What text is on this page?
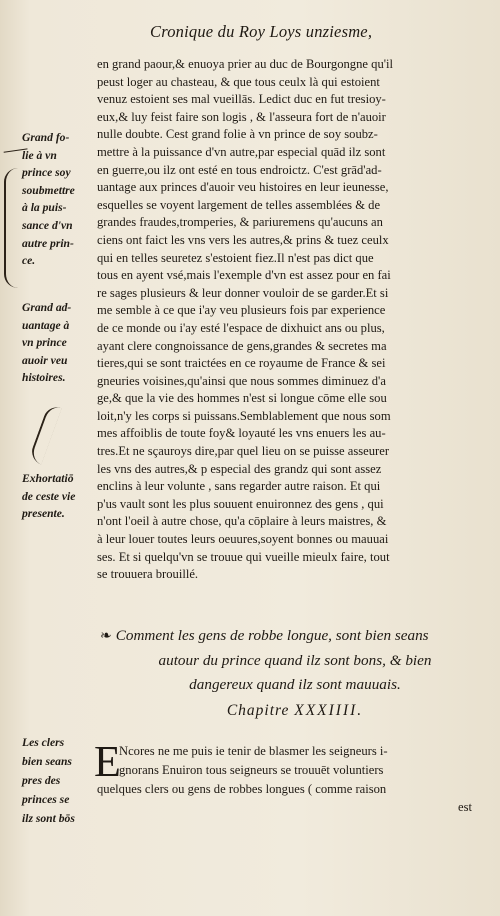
Cronique du Roy Loys unziesme,
Grand fo-
lie à vn
prince soy
soubmettre
à la puis-
sance d'vn
autre prin-
ce.
Grand ad-
uantage à
vn prince
auoir veu
histoires.
Exhortatiō
de ceste vie
presente.
Les clers
bien seans
pres des
princes se
ilz sont bōs
en grand paour,& enuoya prier au duc de Bourgongne qu'il
peust loger au chasteau, & que tous ceulx là qui estoient
venuz estoient ses mal vueillās. Ledict duc en fut tresioy-
eux,& luy feist faire son logis , & l'asseura fort de n'auoir
nulle doubte. Cest grand folie à vn prince de soy soubz-
mettre à la puissance d'vn autre,par especial quād ilz sont
en guerre,ou ilz ont esté en tous endroictz. C'est grād'ad-
uantage aux princes d'auoir veu histoires en leur ieunesse,
esquelles se voyent largement de telles assemblées & de
grandes fraudes,tromperies, & pariuremens qu'aucuns an
ciens ont faict les vns vers les autres,& prins & tuez ceulx
qui en telles seuretez s'estoient fiez.Il n'est pas dict que
tous en ayent vsé,mais l'exemple d'vn est assez pour en fai
re sages plusieurs & leur donner vouloir de se garder.Et si
me semble à ce que i'ay veu plusieurs fois par experience
de ce monde ou i'ay esté l'espace de dixhuict ans ou plus,
ayant clere congnoissance de gens,grandes & secretes ma
tieres,qui se sont traictées en ce royaume de France & sei
gneuries voisines,qu'ainsi que nous sommes diminuez d'a
ge,& que la vie des hommes n'est si longue cōme elle sou
loit,n'y les corps si puissans.Semblablement que nous som
mes affoiblis de toute foy& loyauté les vns enuers les au-
tres.Et ne sçauroys dire,par quel lieu on se puisse asseurer
les vns des autres,& p especial des grandz qui sont assez
enclins à leur volunte , sans regarder autre raison. Et qui
p'us vault sont les plus souuent enuironnez des gens , qui
n'ont l'oeil à autre chose, qu'a cōplaire à leurs maistres, &
à leur louer toutes leurs oeuures,soyent bonnes ou mauuai
ses. Et si quelqu'vn se trouue qui vueille mieulx faire, tout
se trouuera brouillé.
❧ Comment les gens de robbe longue, sont bien seans
autour du prince quand ilz sont bons, & bien
dangereux quand ilz sont mauuais.
Chapitre XXXIIII.
E
Ncores ne me puis ie tenir de blasmer les seigneurs i-
gnorans Enuiron tous seigneurs se trouuēt voluntiers
quelques clers ou gens de robbes longues ( comme raison
est
